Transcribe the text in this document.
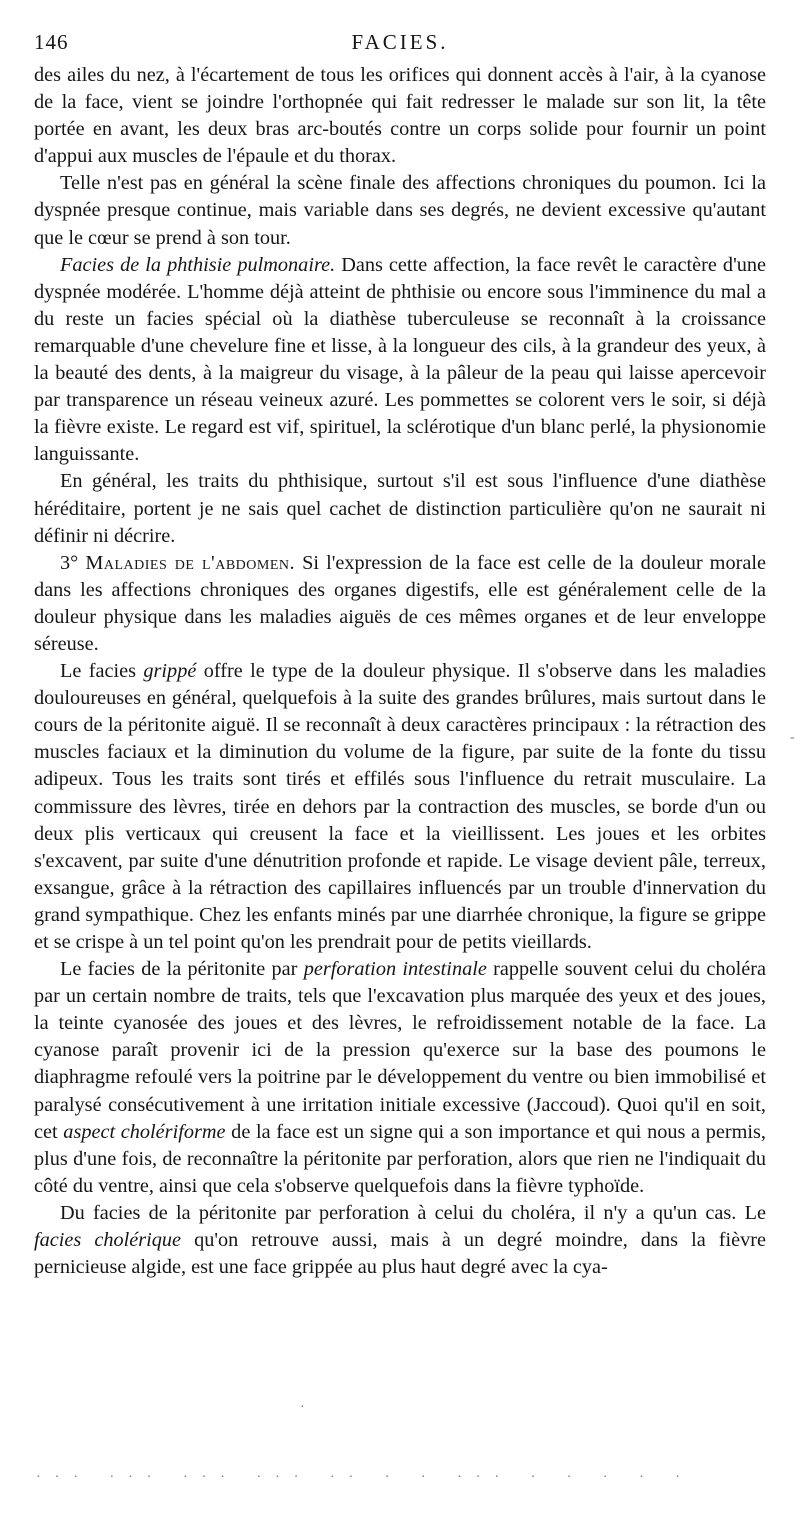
146	FACIES.

des ailes du nez, à l'écartement de tous les orifices qui donnent accès à l'air, à la cyanose de la face, vient se joindre l'orthopnée qui fait redresser le malade sur son lit, la tête portée en avant, les deux bras arc-boutés contre un corps solide pour fournir un point d'appui aux muscles de l'épaule et du thorax.

Telle n'est pas en général la scène finale des affections chroniques du poumon. Ici la dyspnée presque continue, mais variable dans ses degrés, ne devient excessive qu'autant que le cœur se prend à son tour.

Facies de la phthisie pulmonaire. Dans cette affection, la face revêt le caractère d'une dyspnée modérée. L'homme déjà atteint de phthisie ou encore sous l'imminence du mal a du reste un facies spécial où la diathèse tuberculeuse se reconnaît à la croissance remarquable d'une chevelure fine et lisse, à la longueur des cils, à la grandeur des yeux, à la beauté des dents, à la maigreur du visage, à la pâleur de la peau qui laisse apercevoir par transparence un réseau veineux azuré. Les pommettes se colorent vers le soir, si déjà la fièvre existe. Le regard est vif, spirituel, la sclérotique d'un blanc perlé, la physionomie languissante.

En général, les traits du phthisique, surtout s'il est sous l'influence d'une diathèse héréditaire, portent je ne sais quel cachet de distinction particulière qu'on ne saurait ni définir ni décrire.

3° Maladies de l'abdomen. Si l'expression de la face est celle de la douleur morale dans les affections chroniques des organes digestifs, elle est généralement celle de la douleur physique dans les maladies aiguës de ces mêmes organes et de leur enveloppe séreuse.

Le facies grippé offre le type de la douleur physique. Il s'observe dans les maladies douloureuses en général, quelquefois à la suite des grandes brûlures, mais surtout dans le cours de la péritonite aiguë. Il se reconnaît à deux caractères principaux : la rétraction des muscles faciaux et la diminution du volume de la figure, par suite de la fonte du tissu adipeux. Tous les traits sont tirés et effilés sous l'influence du retrait musculaire. La commissure des lèvres, tirée en dehors par la contraction des muscles, se borde d'un ou deux plis verticaux qui creusent la face et la vieillissent. Les joues et les orbites s'excavent, par suite d'une dénutrition profonde et rapide. Le visage devient pâle, terreux, exsangue, grâce à la rétraction des capillaires influencés par un trouble d'innervation du grand sympathique. Chez les enfants minés par une diarrhée chronique, la figure se grippe et se crispe à un tel point qu'on les prendrait pour de petits vieillards.

Le facies de la péritonite par perforation intestinale rappelle souvent celui du choléra par un certain nombre de traits, tels que l'excavation plus marquée des yeux et des joues, la teinte cyanosée des joues et des lèvres, le refroidissement notable de la face. La cyanose paraît provenir ici de la pression qu'exerce sur la base des poumons le diaphragme refoulé vers la poitrine par le développement du ventre ou bien immobilisé et paralysé consécutivement à une irritation initiale excessive (Jaccoud). Quoi qu'il en soit, cet aspect cholériforme de la face est un signe qui a son importance et qui nous a permis, plus d'une fois, de reconnaître la péritonite par perforation, alors que rien ne l'indiquait du côté du ventre, ainsi que cela s'observe quelquefois dans la fièvre typhoïde.

Du facies de la péritonite par perforation à celui du choléra, il n'y a qu'un cas. Le facies cholérique qu'on retrouve aussi, mais à un degré moindre, dans la fièvre pernicieuse algide, est une face grippée au plus haut degré avec la cya-

·
··· ··· ··· ··· ·· · · ··· · · · · ·
-
